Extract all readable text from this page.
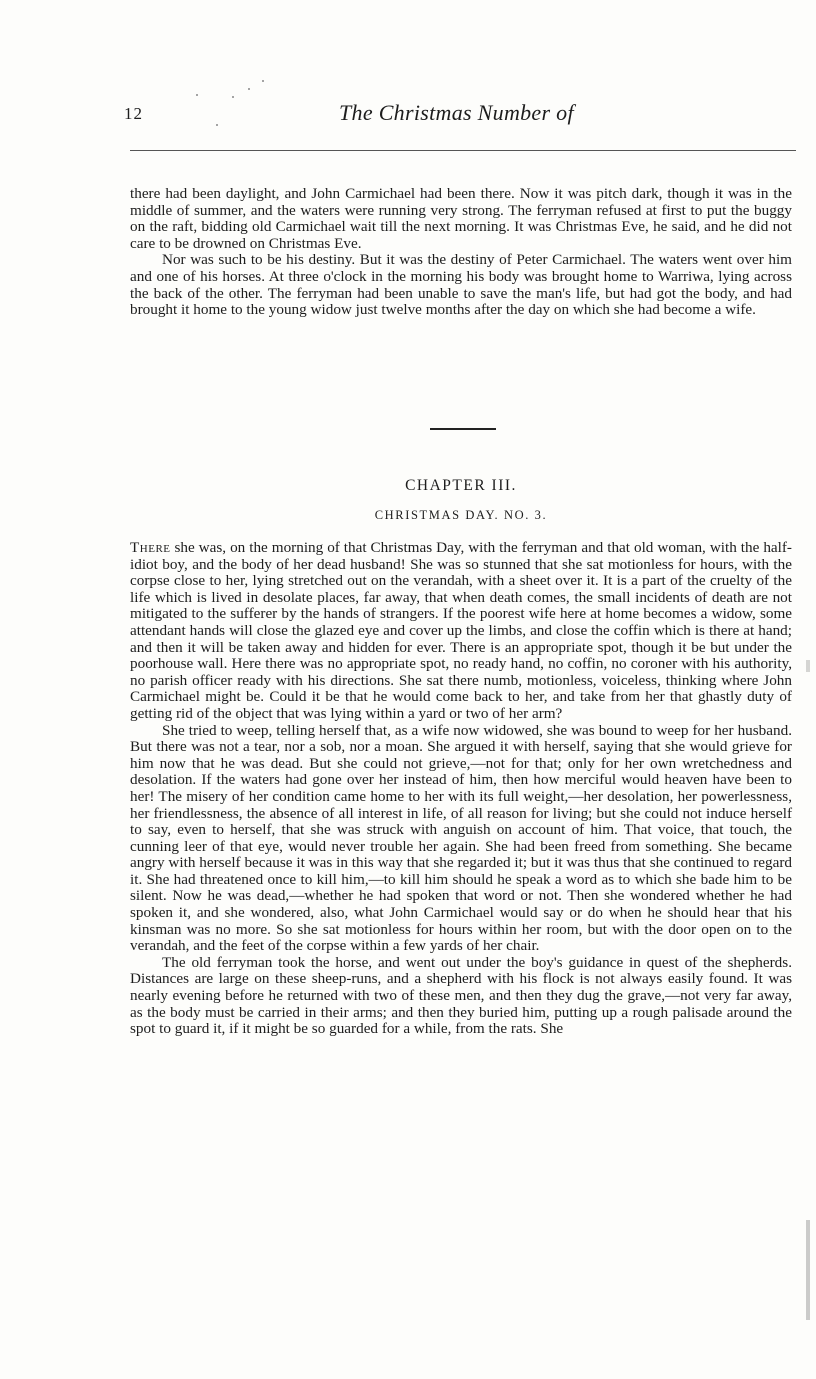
12	The Christmas Number of

there had been daylight, and John Carmichael had been there. Now it was pitch dark, though it was in the middle of summer, and the waters were running very strong. The ferryman refused at first to put the buggy on the raft, bidding old Carmichael wait till the next morning. It was Christmas Eve, he said, and he did not care to be drowned on Christmas Eve.

Nor was such to be his destiny. But it was the destiny of Peter Carmichael. The waters went over him and one of his horses. At three o'clock in the morning his body was brought home to Warriwa, lying across the back of the other. The ferryman had been unable to save the man's life, but had got the body, and had brought it home to the young widow just twelve months after the day on which she had become a wife.

CHAPTER III.
CHRISTMAS DAY. NO. 3.

There she was, on the morning of that Christmas Day, with the ferryman and that old woman, with the half-idiot boy, and the body of her dead husband! She was so stunned that she sat motionless for hours, with the corpse close to her, lying stretched out on the verandah, with a sheet over it. It is a part of the cruelty of the life which is lived in desolate places, far away, that when death comes, the small incidents of death are not mitigated to the sufferer by the hands of strangers. If the poorest wife here at home becomes a widow, some attendant hands will close the glazed eye and cover up the limbs, and close the coffin which is there at hand; and then it will be taken away and hidden for ever. There is an appropriate spot, though it be but under the poorhouse wall. Here there was no appropriate spot, no ready hand, no coffin, no coroner with his authority, no parish officer ready with his directions. She sat there numb, motionless, voiceless, thinking where John Carmichael might be. Could it be that he would come back to her, and take from her that ghastly duty of getting rid of the object that was lying within a yard or two of her arm?

She tried to weep, telling herself that, as a wife now widowed, she was bound to weep for her husband. But there was not a tear, nor a sob, nor a moan. She argued it with herself, saying that she would grieve for him now that he was dead. But she could not grieve,—not for that; only for her own wretchedness and desolation. If the waters had gone over her instead of him, then how merciful would heaven have been to her! The misery of her condition came home to her with its full weight,—her desolation, her powerlessness, her friendlessness, the absence of all interest in life, of all reason for living; but she could not induce herself to say, even to herself, that she was struck with anguish on account of him. That voice, that touch, the cunning leer of that eye, would never trouble her again. She had been freed from something. She became angry with herself because it was in this way that she regarded it; but it was thus that she continued to regard it. She had threatened once to kill him,—to kill him should he speak a word as to which she bade him to be silent. Now he was dead,—whether he had spoken that word or not. Then she wondered whether he had spoken it, and she wondered, also, what John Carmichael would say or do when he should hear that his kinsman was no more. So she sat motionless for hours within her room, but with the door open on to the verandah, and the feet of the corpse within a few yards of her chair.

The old ferryman took the horse, and went out under the boy's guidance in quest of the shepherds. Distances are large on these sheep-runs, and a shepherd with his flock is not always easily found. It was nearly evening before he returned with two of these men, and then they dug the grave,—not very far away, as the body must be carried in their arms; and then they buried him, putting up a rough palisade around the spot to guard it, if it might be so guarded for a while, from the rats. She
